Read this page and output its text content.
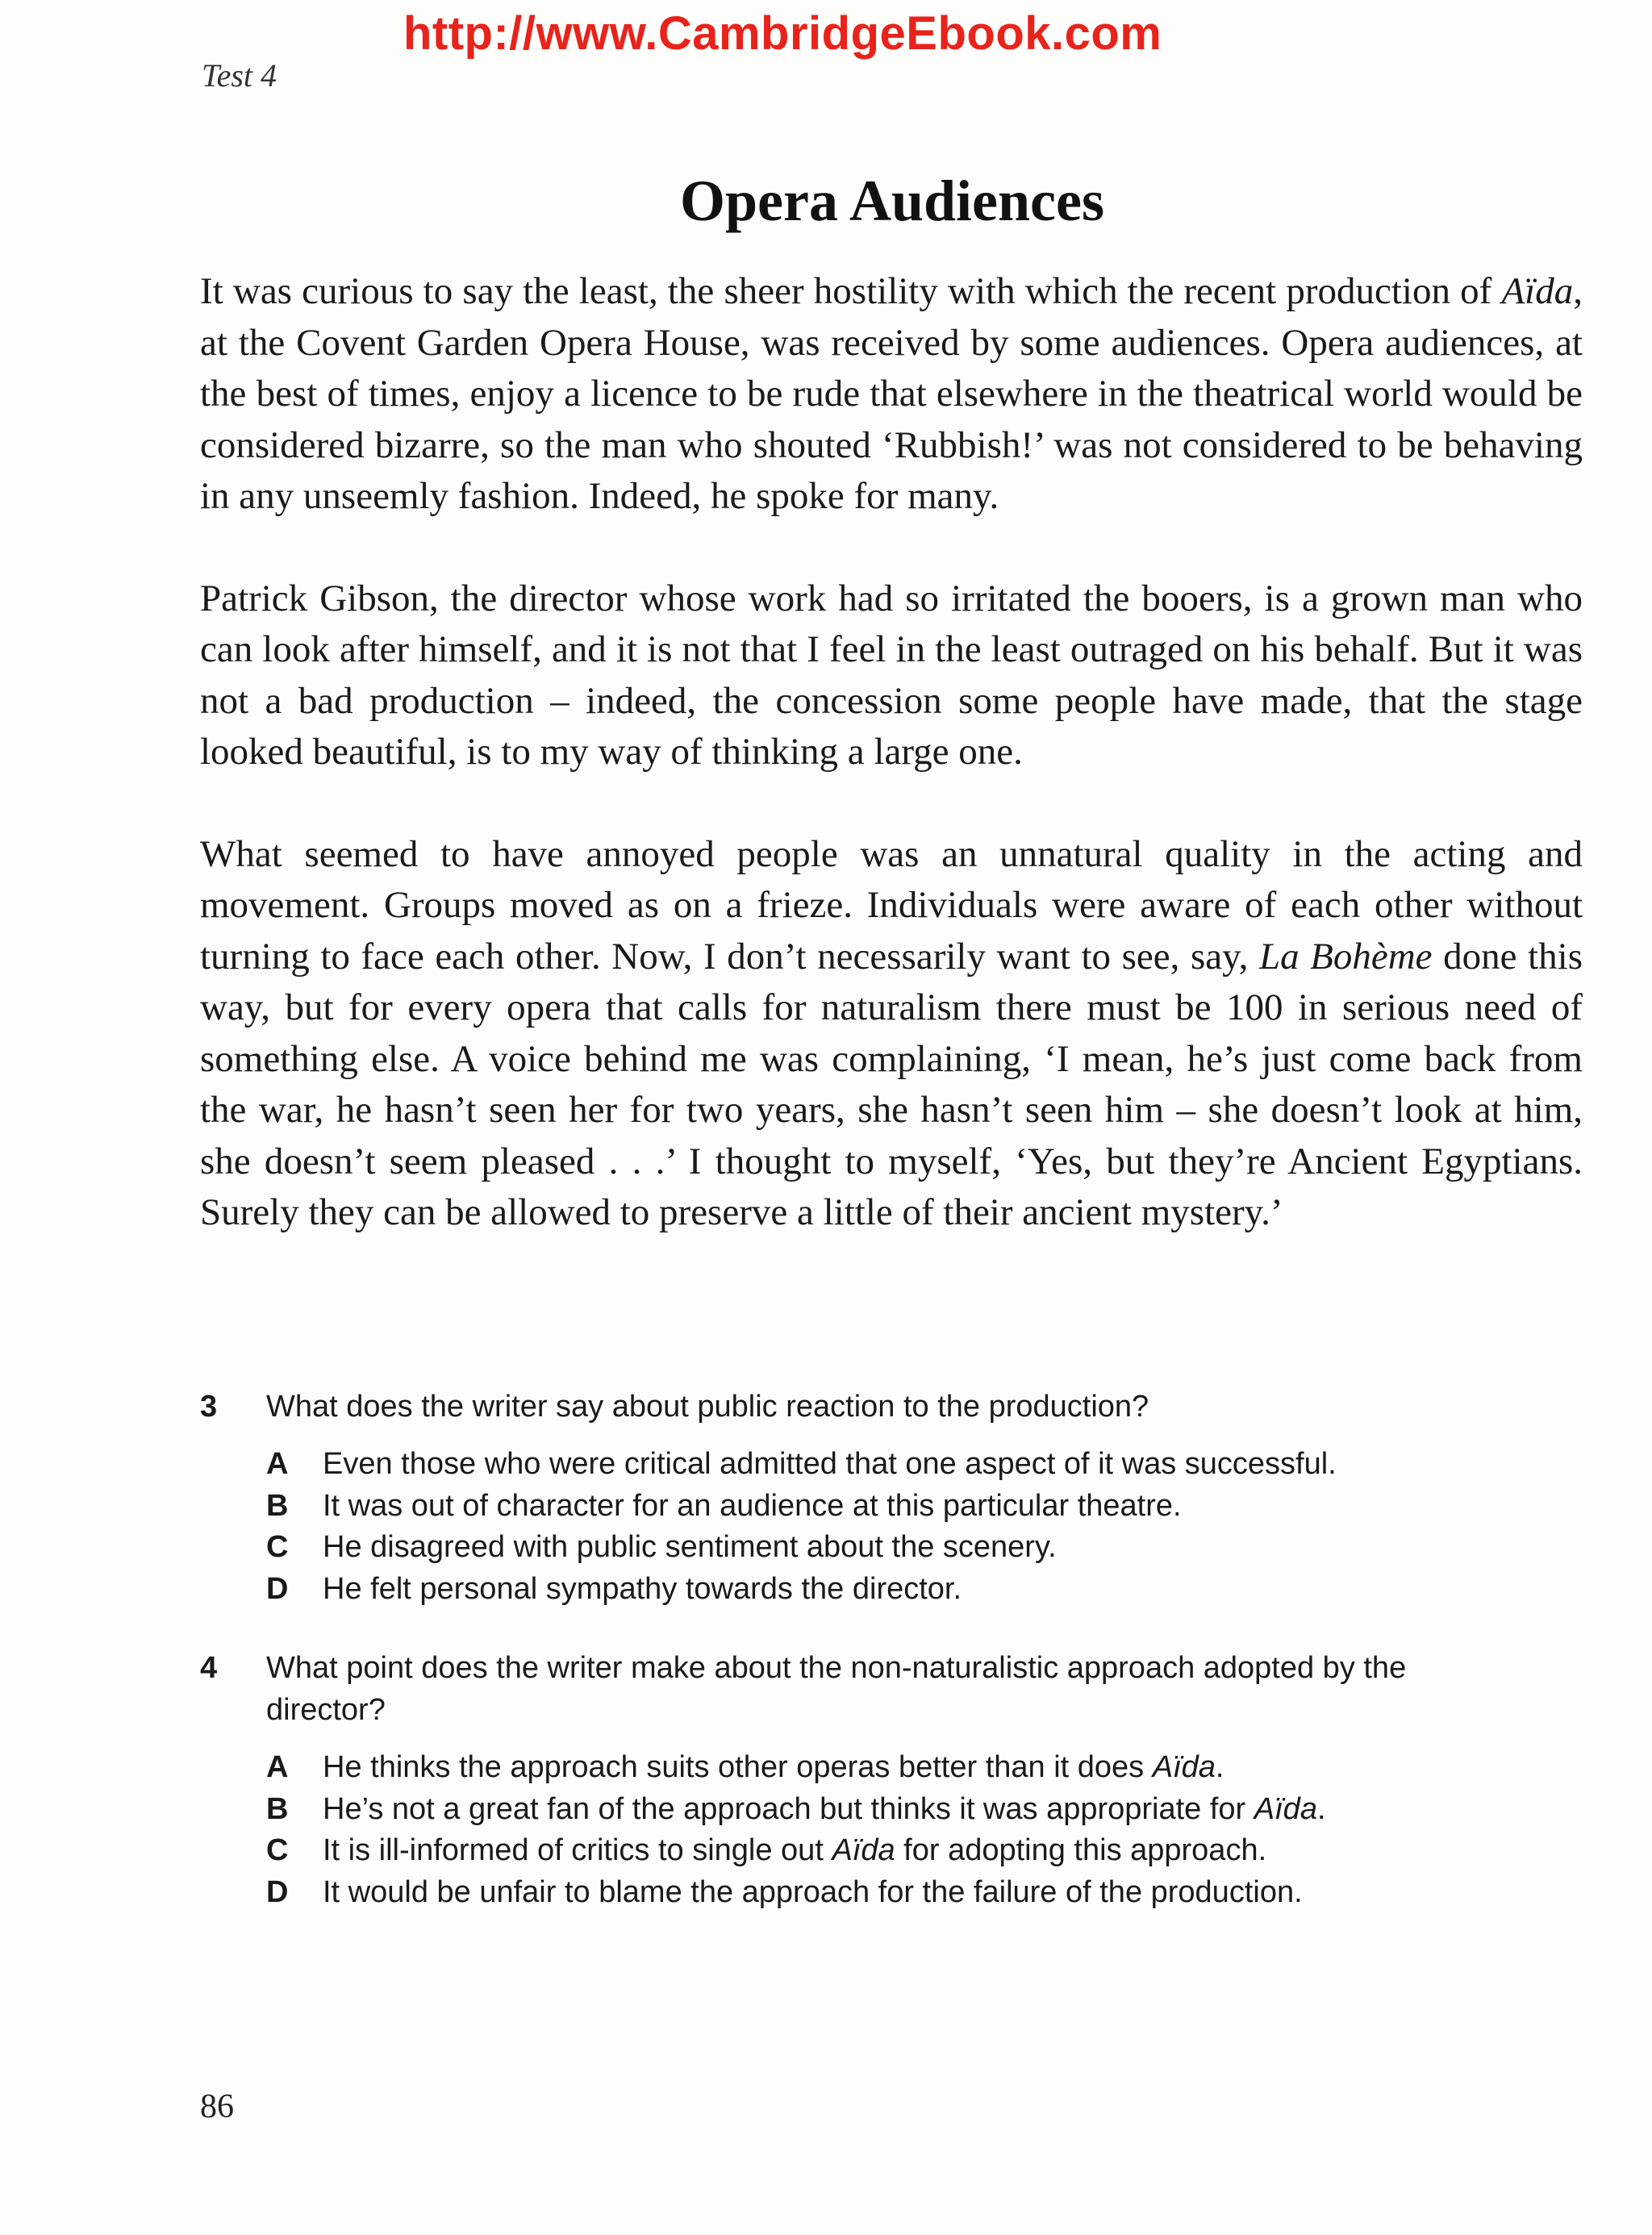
http://www.CambridgeEbook.com
Test 4
Opera Audiences

It was curious to say the least, the sheer hostility with which the recent production of Aïda, at the Covent Garden Opera House, was received by some audiences. Opera audiences, at the best of times, enjoy a licence to be rude that elsewhere in the theatrical world would be considered bizarre, so the man who shouted ‘Rubbish!’ was not considered to be behaving in any unseemly fashion. Indeed, he spoke for many.

Patrick Gibson, the director whose work had so irritated the booers, is a grown man who can look after himself, and it is not that I feel in the least outraged on his behalf. But it was not a bad production – indeed, the concession some people have made, that the stage looked beautiful, is to my way of thinking a large one.

What seemed to have annoyed people was an unnatural quality in the acting and movement. Groups moved as on a frieze. Individuals were aware of each other without turning to face each other. Now, I don’t necessarily want to see, say, La Bohème done this way, but for every opera that calls for naturalism there must be 100 in serious need of something else. A voice behind me was complaining, ‘I mean, he’s just come back from the war, he hasn’t seen her for two years, she hasn’t seen him – she doesn’t look at him, she doesn’t seem pleased . . .’ I thought to myself, ‘Yes, but they’re Ancient Egyptians. Surely they can be allowed to preserve a little of their ancient mystery.’

3	What does the writer say about public reaction to the production?
A	Even those who were critical admitted that one aspect of it was successful.
B	It was out of character for an audience at this particular theatre.
C	He disagreed with public sentiment about the scenery.
D	He felt personal sympathy towards the director.
4	What point does the writer make about the non-naturalistic approach adopted by the director?
A	He thinks the approach suits other operas better than it does Aïda.
B	He’s not a great fan of the approach but thinks it was appropriate for Aïda.
C	It is ill-informed of critics to single out Aïda for adopting this approach.
D	It would be unfair to blame the approach for the failure of the production.
86
